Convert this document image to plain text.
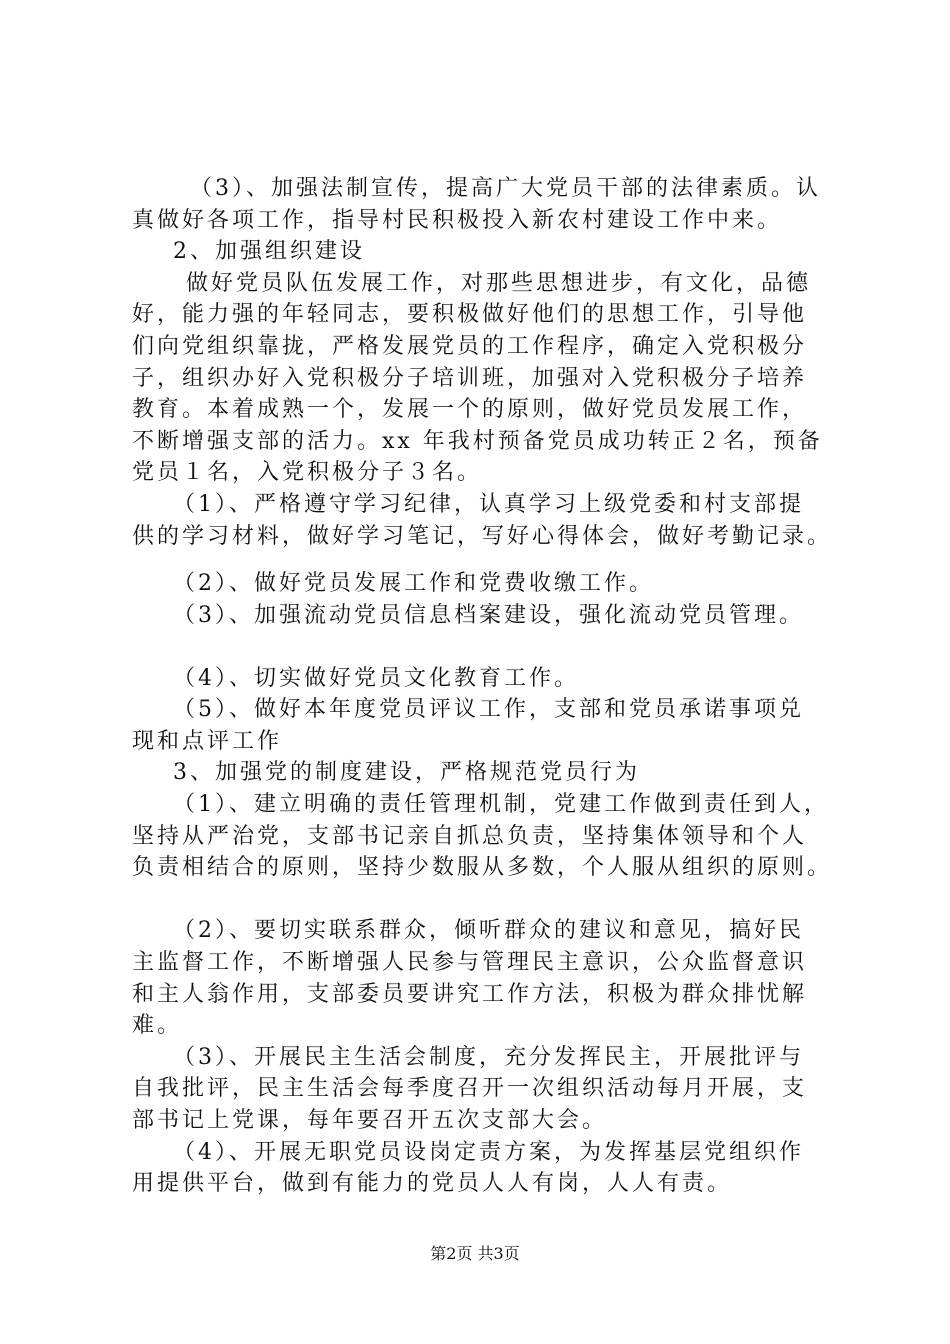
（3）、加强法制宣传，提高广大党员干部的法律素质。认
真做好各项工作，指导村民积极投入新农村建设工作中来。
2、加强组织建设
做好党员队伍发展工作，对那些思想进步，有文化，品德
好，能力强的年轻同志，要积极做好他们的思想工作，引导他
们向党组织靠拢，严格发展党员的工作程序，确定入党积极分
子，组织办好入党积极分子培训班，加强对入党积极分子培养
教育。本着成熟一个，发展一个的原则，做好党员发展工作，
不断增强支部的活力。xx 年我村预备党员成功转正２名，预备
党员１名，入党积极分子３名。
（1）、严格遵守学习纪律，认真学习上级党委和村支部提
供的学习材料，做好学习笔记，写好心得体会，做好考勤记录。
（2）、做好党员发展工作和党费收缴工作。
（3）、加强流动党员信息档案建设，强化流动党员管理。
（4）、切实做好党员文化教育工作。
（5）、做好本年度党员评议工作，支部和党员承诺事项兑
现和点评工作
3、加强党的制度建设，严格规范党员行为
（1）、建立明确的责任管理机制，党建工作做到责任到人，
坚持从严治党，支部书记亲自抓总负责，坚持集体领导和个人
负责相结合的原则，坚持少数服从多数，个人服从组织的原则。
（2）、要切实联系群众，倾听群众的建议和意见，搞好民
主监督工作，不断增强人民参与管理民主意识，公众监督意识
和主人翁作用，支部委员要讲究工作方法，积极为群众排忧解
难。
（3）、开展民主生活会制度，充分发挥民主，开展批评与
自我批评，民主生活会每季度召开一次组织活动每月开展，支
部书记上党课，每年要召开五次支部大会。
（4）、开展无职党员设岗定责方案，为发挥基层党组织作
用提供平台，做到有能力的党员人人有岗，人人有责。
第2页 共3页
